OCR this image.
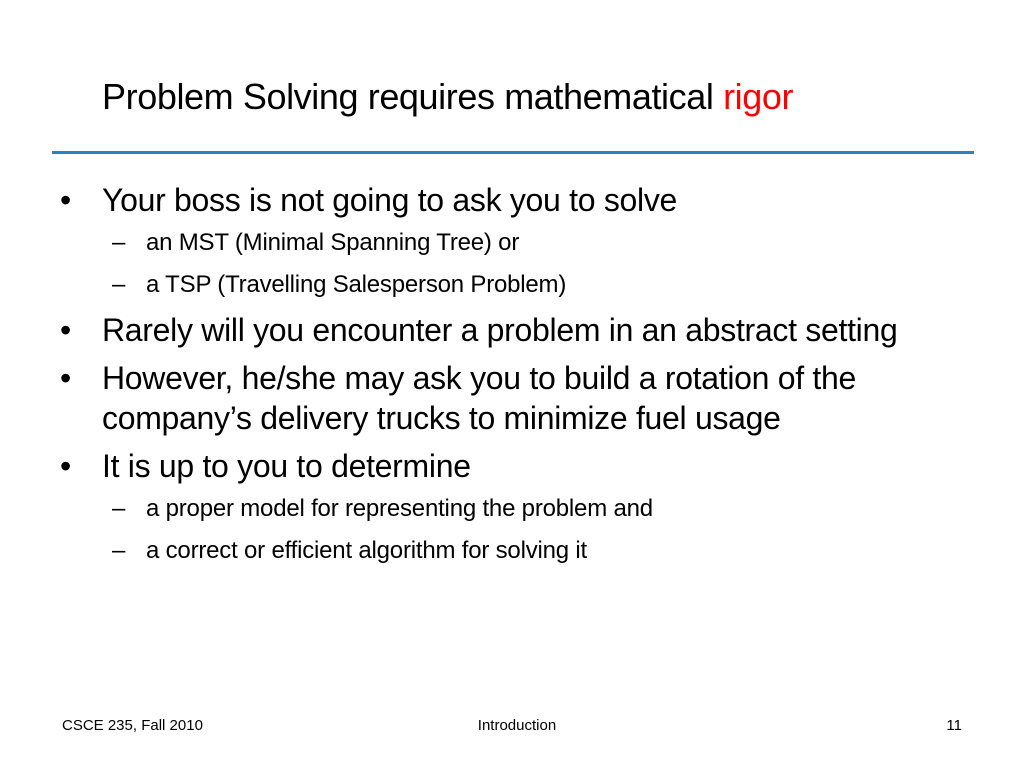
Problem Solving requires mathematical rigor
• Your boss is not going to ask you to solve
– an MST (Minimal Spanning Tree) or
– a TSP (Travelling Salesperson Problem)
• Rarely will you encounter a problem in an abstract setting
• However, he/she may ask you to build a rotation of the company’s delivery trucks to minimize fuel usage
• It is up to you to determine
– a proper model for representing the problem and
– a correct or efficient algorithm for solving it
CSCE 235, Fall 2010	Introduction	11
